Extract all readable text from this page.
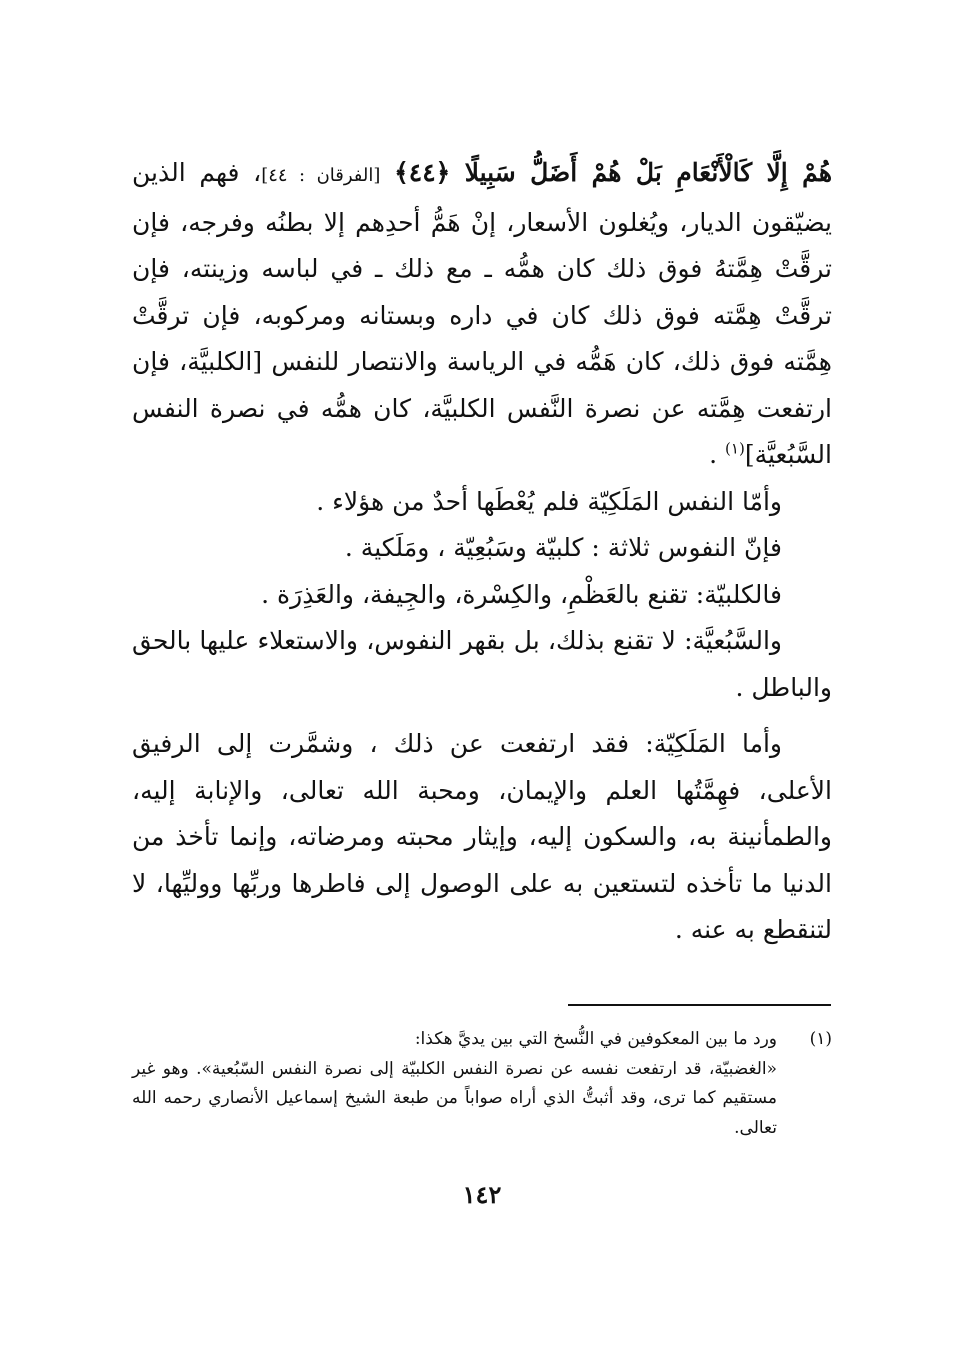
هُمْ إِلَّا كَالْأَنْعَامِ بَلْ هُمْ أَضَلُّ سَبِيلًا ﴿٤٤﴾ [الفرقان : ٤٤]، فهم الذين يضيّقون الديار، ويُغلون الأسعار، إنْ هَمُّ أحدِهم إلا بطنُه وفرجه، فإن ترقَّتْ هِمَّتهُ فوق ذلك كان همُّه ـ مع ذلك ـ في لباسه وزينته، فإن ترقَّتْ هِمَّته فوق ذلك كان في داره وبستانه ومركوبه، فإن ترقَّتْ هِمَّته فوق ذلك، كان هَمُّه في الرياسة والانتصار للنفس [الكلبيَّة، فإن ارتفعت هِمَّته عن نصرة النَّفس الكلبيَّة، كان همُّه في نصرة النفس السَّبُعيَّة]$^{(١)}$ .

وأمّا النفس المَلَكِيّة فلم يُعْطَها أحدٌ من هؤلاء .

فإنّ النفوس ثلاثة : كلبيّة وسَبُعِيّة ، ومَلَكية .

فالكلبيّة: تقنع بالعَظْمِ، والكِسْرة، والجِيفة، والعَذِرَة .

والسَّبُعيَّة: لا تقنع بذلك، بل بقهر النفوس، والاستعلاء عليها بالحق والباطل .

وأما المَلَكِيّة: فقد ارتفعت عن ذلك ، وشمَّرت إلى الرفيق الأعلى، فهِمَّتُها العلم والإيمان، ومحبة الله تعالى، والإنابة إليه، والطمأنينة به، والسكون إليه، وإيثار محبته ومرضاته، وإنما تأخذ من الدنيا ما تأخذه لتستعين به على الوصول إلى فاطرها وربِّها ووليِّها، لا لتنقطع به عنه .

(١)

ورد ما بين المعكوفين في النُّسخ التي بين يديَّ هكذا:

«الغضبيّة، قد ارتفعت نفسه عن نصرة النفس الكلبيّة إلى نصرة النفس السّبُعية». وهو غير مستقيم كما ترى، وقد أثبتُّ الذي أراه صواباً من طبعة الشيخ إسماعيل الأنصاري رحمه الله تعالى.

١٤٢
